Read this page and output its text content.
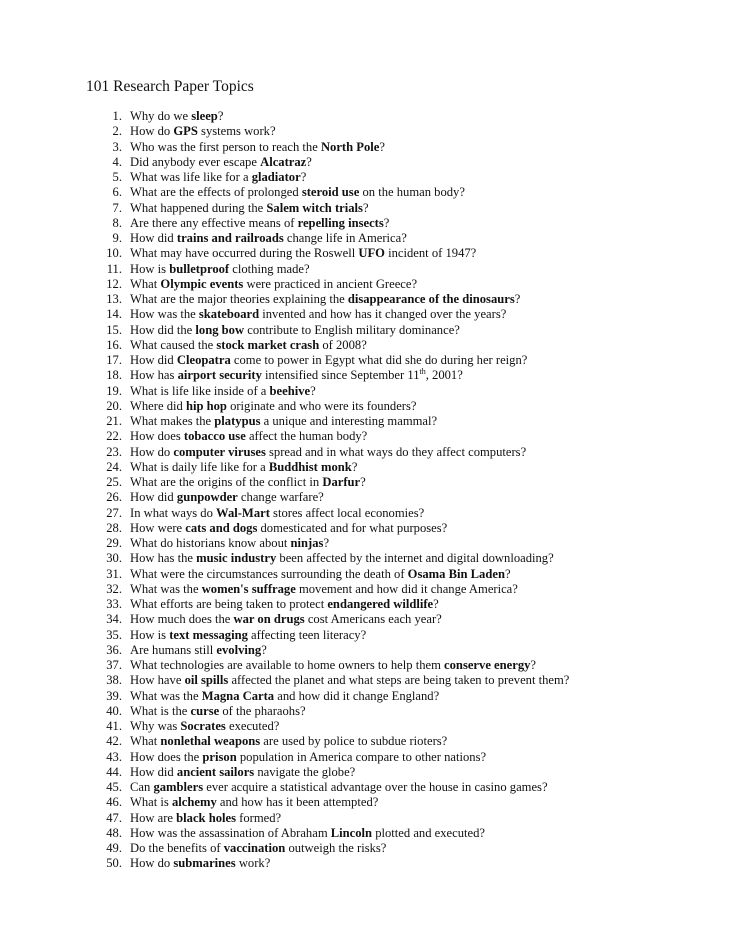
101 Research Paper Topics
1. Why do we sleep?
2. How do GPS systems work?
3. Who was the first person to reach the North Pole?
4. Did anybody ever escape Alcatraz?
5. What was life like for a gladiator?
6. What are the effects of prolonged steroid use on the human body?
7. What happened during the Salem witch trials?
8. Are there any effective means of repelling insects?
9. How did trains and railroads change life in America?
10. What may have occurred during the Roswell UFO incident of 1947?
11. How is bulletproof clothing made?
12. What Olympic events were practiced in ancient Greece?
13. What are the major theories explaining the disappearance of the dinosaurs?
14. How was the skateboard invented and how has it changed over the years?
15. How did the long bow contribute to English military dominance?
16. What caused the stock market crash of 2008?
17. How did Cleopatra come to power in Egypt what did she do during her reign?
18. How has airport security intensified since September 11th, 2001?
19. What is life like inside of a beehive?
20. Where did hip hop originate and who were its founders?
21. What makes the platypus a unique and interesting mammal?
22. How does tobacco use affect the human body?
23. How do computer viruses spread and in what ways do they affect computers?
24. What is daily life like for a Buddhist monk?
25. What are the origins of the conflict in Darfur?
26. How did gunpowder change warfare?
27. In what ways do Wal-Mart stores affect local economies?
28. How were cats and dogs domesticated and for what purposes?
29. What do historians know about ninjas?
30. How has the music industry been affected by the internet and digital downloading?
31. What were the circumstances surrounding the death of Osama Bin Laden?
32. What was the women's suffrage movement and how did it change America?
33. What efforts are being taken to protect endangered wildlife?
34. How much does the war on drugs cost Americans each year?
35. How is text messaging affecting teen literacy?
36. Are humans still evolving?
37. What technologies are available to home owners to help them conserve energy?
38. How have oil spills affected the planet and what steps are being taken to prevent them?
39. What was the Magna Carta and how did it change England?
40. What is the curse of the pharaohs?
41. Why was Socrates executed?
42. What nonlethal weapons are used by police to subdue rioters?
43. How does the prison population in America compare to other nations?
44. How did ancient sailors navigate the globe?
45. Can gamblers ever acquire a statistical advantage over the house in casino games?
46. What is alchemy and how has it been attempted?
47. How are black holes formed?
48. How was the assassination of Abraham Lincoln plotted and executed?
49. Do the benefits of vaccination outweigh the risks?
50. How do submarines work?
